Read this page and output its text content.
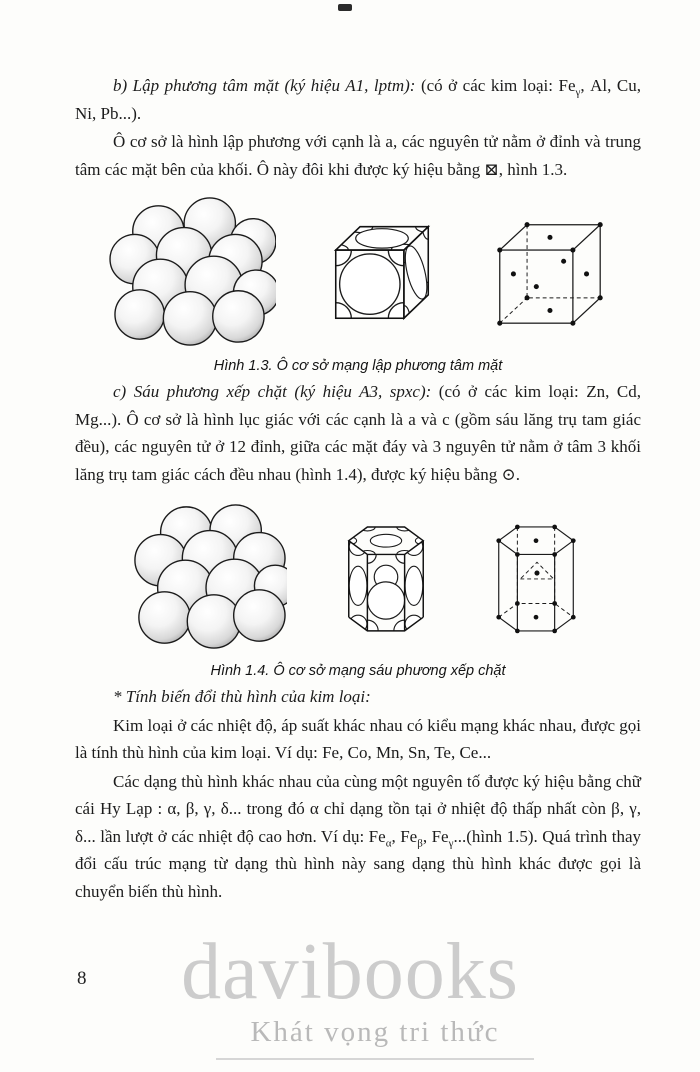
b) Lập phương tâm mặt (ký hiệu A1, lptm): (có ở các kim loại: $Fe_\gamma$, Al, Cu, Ni, Pb...).

Ô cơ sở là hình lập phương với cạnh là a, các nguyên tử nằm ở đỉnh và trung tâm các mặt bên của khối. Ô này đôi khi được ký hiệu bằng ⊠, hình 1.3.

Hình 1.3. Ô cơ sở mạng lập phương tâm mặt

c) Sáu phương xếp chặt (ký hiệu A3, spxc): (có ở các kim loại: Zn, Cd, Mg...). Ô cơ sở là hình lục giác với các cạnh là a và c (gồm sáu lăng trụ tam giác đều), các nguyên tử ở 12 đỉnh, giữa các mặt đáy và 3 nguyên tử nằm ở tâm 3 khối lăng trụ tam giác cách đều nhau (hình 1.4), được ký hiệu bằng ⊙.

Hình 1.4. Ô cơ sở mạng sáu phương xếp chặt

* Tính biến đổi thù hình của kim loại:

Kim loại ở các nhiệt độ, áp suất khác nhau có kiểu mạng khác nhau, được gọi là tính thù hình của kim loại. Ví dụ: Fe, Co, Mn, Sn, Te, Ce...

Các dạng thù hình khác nhau của cùng một nguyên tố được ký hiệu bằng chữ cái Hy Lạp : α, β, γ, δ... trong đó α chỉ dạng tồn tại ở nhiệt độ thấp nhất còn β, γ, δ... lần lượt ở các nhiệt độ cao hơn. Ví dụ: $Fe_\alpha$, $Fe_\beta$, $Fe_\gamma...(hình$ 1.5). Quá trình thay đổi cấu trúc mạng từ dạng thù hình này sang dạng thù hình khác được gọi là chuyển biến thù hình.

8	davibooks
Khát vọng tri thức
